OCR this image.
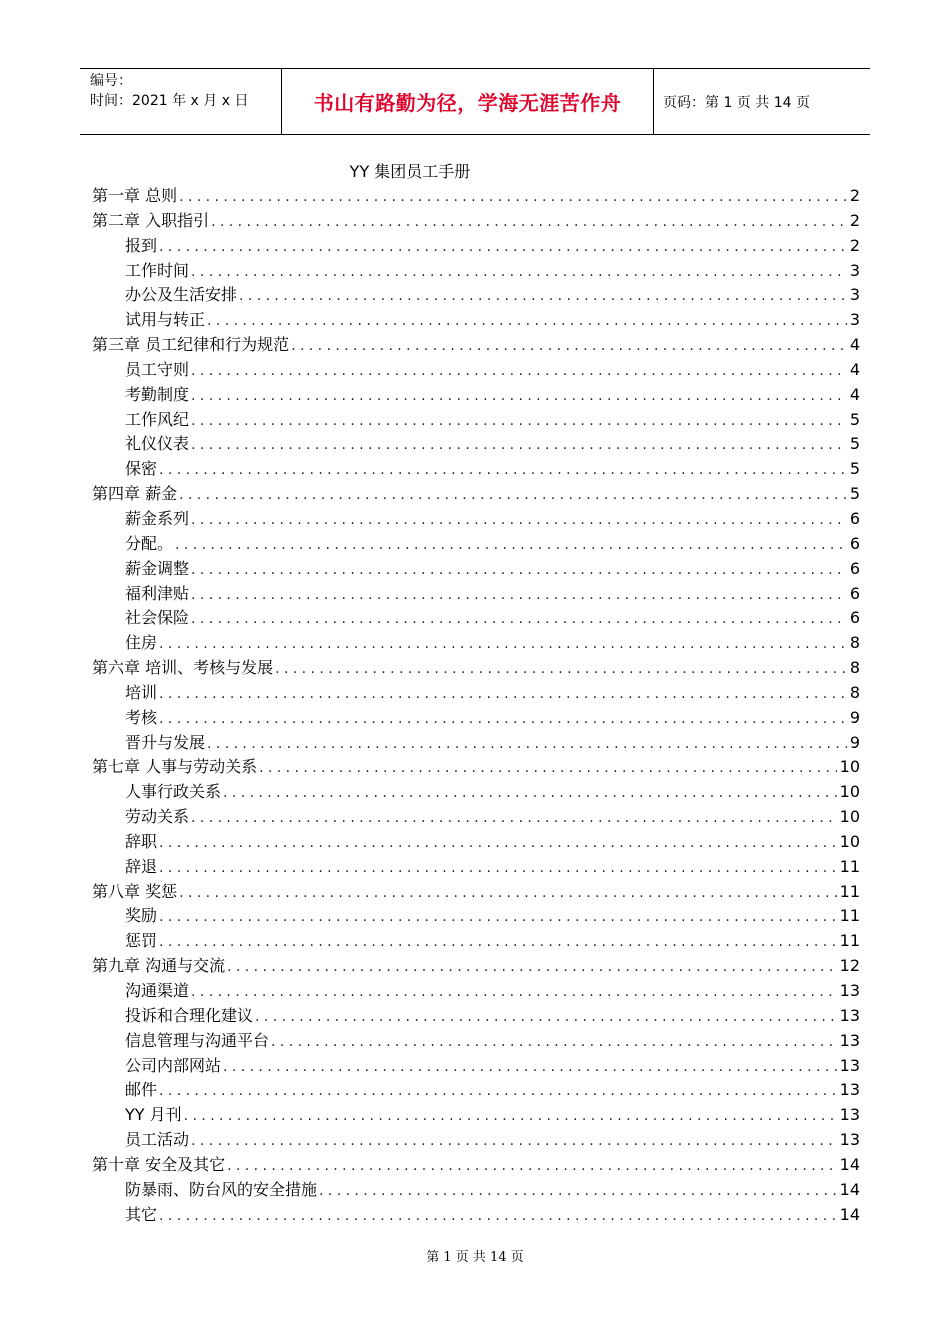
编号：
时间：2021 年 x 月 x 日	书山有路勤为径，学海无涯苦作舟	页码：第 1 页 共 14 页
YY 集团员工手册
第一章 总则 .....	2
第二章 入职指引 .....	2
报到 .....	2
工作时间 .....	3
办公及生活安排 .....	3
试用与转正 .....	3
第三章 员工纪律和行为规范 .....	4
员工守则 .....	4
考勤制度 .....	4
工作风纪 .....	5
礼仪仪表 .....	5
保密 .....	5
第四章 薪金 .....	5
薪金系列 .....	6
分配。 .....	6
薪金调整 .....	6
福利津贴 .....	6
社会保险 .....	6
住房 .....	8
第六章 培训、考核与发展 .....	8
培训 .....	8
考核 .....	9
晋升与发展 .....	9
第七章 人事与劳动关系 .....	10
人事行政关系 .....	10
劳动关系 .....	10
辞职 .....	10
辞退 .....	11
第八章 奖惩 .....	11
奖励 .....	11
惩罚 .....	11
第九章 沟通与交流 .....	12
沟通渠道 .....	13
投诉和合理化建议 .....	13
信息管理与沟通平台 .....	13
公司内部网站 .....	13
邮件 .....	13
YY 月刊 .....	13
员工活动 .....	13
第十章 安全及其它 .....	14
防暴雨、防台风的安全措施 .....	14
其它 .....	14
第 1 页 共 14 页
